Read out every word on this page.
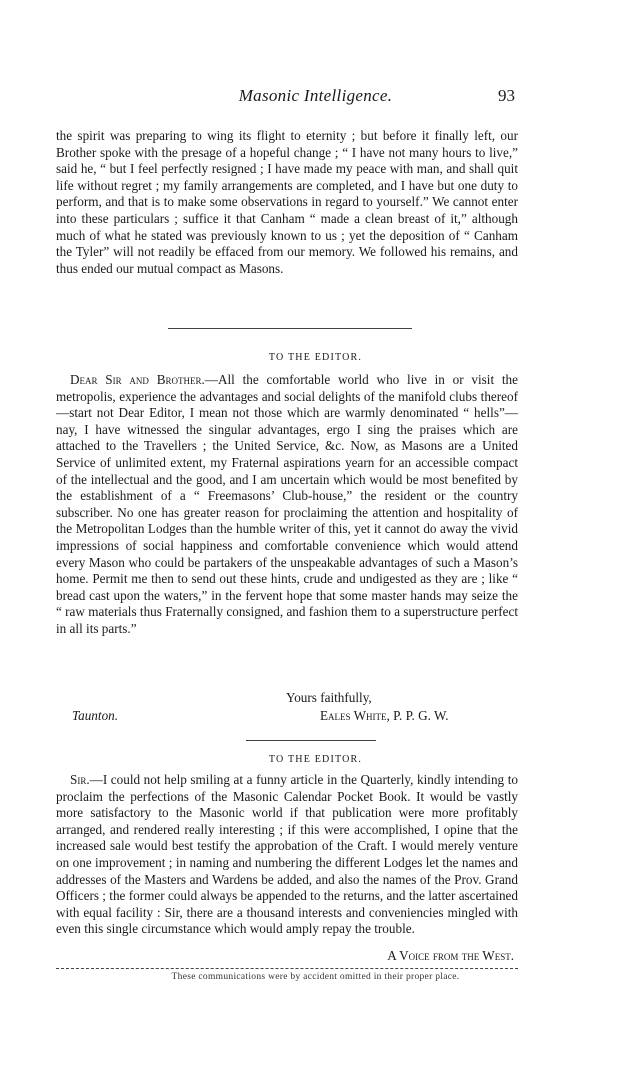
Masonic Intelligence.	93

the spirit was preparing to wing its flight to eternity ; but before it finally left, our Brother spoke with the presage of a hopeful change ; “ I have not many hours to live,” said he, “ but I feel perfectly resigned ; I have made my peace with man, and shall quit life without regret ; my family arrangements are completed, and I have but one duty to perform, and that is to make some observations in regard to yourself.” We cannot enter into these particulars ; suffice it that Canham “ made a clean breast of it,” although much of what he stated was previously known to us ; yet the deposition of “ Canham the Tyler” will not readily be effaced from our memory. We followed his remains, and thus ended our mutual compact as Masons.

TO THE EDITOR.

Dear Sir and Brother.—All the comfortable world who live in or visit the metropolis, experience the advantages and social delights of the manifold clubs thereof—start not Dear Editor, I mean not those which are warmly denominated “ hells”—nay, I have witnessed the singular advantages, ergo I sing the praises which are attached to the Travellers ; the United Service, &c. Now, as Masons are a United Service of unlimited extent, my Fraternal aspirations yearn for an accessible compact of the intellectual and the good, and I am uncertain which would be most benefited by the establishment of a “ Freemasons’ Club-house,” the resident or the country subscriber. No one has greater reason for proclaiming the attention and hospitality of the Metropolitan Lodges than the humble writer of this, yet it cannot do away the vivid impressions of social happiness and comfortable convenience which would attend every Mason who could be partakers of the unspeakable advantages of such a Mason’s home. Permit me then to send out these hints, crude and undigested as they are ; like “ bread cast upon the waters,” in the fervent hope that some master hands may seize the “ raw materials thus Fraternally consigned, and fashion them to a superstructure perfect in all its parts.”

Yours faithfully,
Taunton.	Eales White, P. P. G. W.
TO THE EDITOR.

Sir.—I could not help smiling at a funny article in the Quarterly, kindly intending to proclaim the perfections of the Masonic Calendar Pocket Book. It would be vastly more satisfactory to the Masonic world if that publication were more profitably arranged, and rendered really interesting ; if this were accomplished, I opine that the increased sale would best testify the approbation of the Craft. I would merely venture on one improvement ; in naming and numbering the different Lodges let the names and addresses of the Masters and Wardens be added, and also the names of the Prov. Grand Officers ; the former could always be appended to the returns, and the latter ascertained with equal facility : Sir, there are a thousand interests and conveniencies mingled with even this single circumstance which would amply repay the trouble.

A Voice from the West.
These communications were by accident omitted in their proper place.
